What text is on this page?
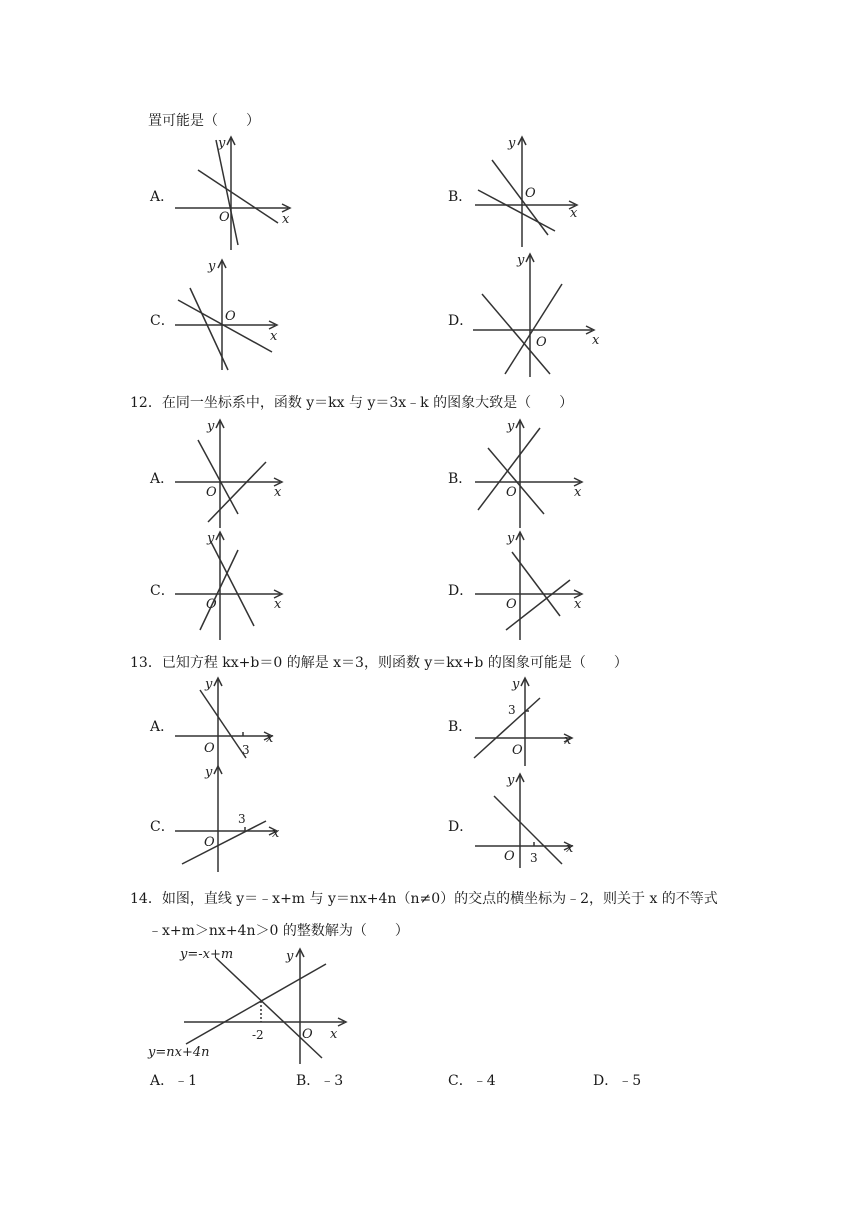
置可能是（　　）
A．
y
x
O
B．
y
x
O
C．
y
x
O	D．
y
x
O
12．在同一坐标系中，函数 y＝kx 与 y＝3x﹣k 的图象大致是（　　）
A．
y
x
O
B．
y
x
O
C．
y
x
O
D．
y
x
O
13．已知方程 kx+b＝0 的解是 x＝3，则函数 y＝kx+b 的图象可能是（　　）
A．
y
x
O 3
B．
y
x
O
3
C．
y
x
O
3	D．
y
x
O 3
14．如图，直线 y＝﹣x+m 与 y＝nx+4n（n≠0）的交点的横坐标为﹣2，则关于 x 的不等式
﹣x+m＞nx+4n＞0 的整数解为（　　）
y
x
O
-2
y=-x+m
y=nx+4n
A．﹣1	B．﹣3	C．﹣4	D．﹣5
